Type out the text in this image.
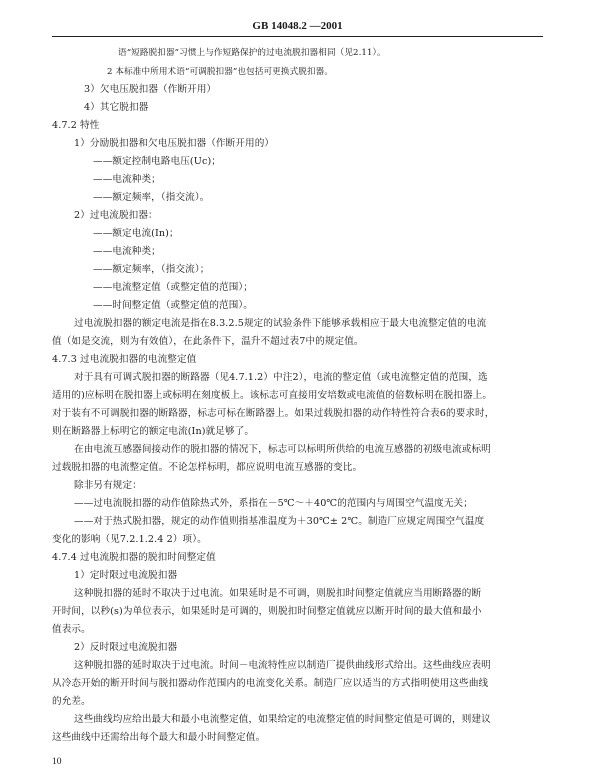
GB 14048.2 —2001
语“短路脱扣器”习惯上与作短路保护的过电流脱扣器相同（见2.11）。
2 本标准中所用术语“可调脱扣器”也包括可更换式脱扣器。
3）欠电压脱扣器（作断开用）
4）其它脱扣器
4.7.2 特性
1）分励脱扣器和欠电压脱扣器（作断开用的）
——额定控制电路电压(Uc)；
——电流种类；
——额定频率，（指交流）。
2）过电流脱扣器：
——额定电流(In)；
——电流种类；
——额定频率，（指交流）；
——电流整定值（或整定值的范围）；
——时间整定值（或整定值的范围）。
过电流脱扣器的额定电流是指在8.3.2.5规定的试验条件下能够承载相应于最大电流整定值的电流
值（如是交流，则为有效值），在此条件下，温升不超过表7中的规定值。
4.7.3 过电流脱扣器的电流整定值
对于具有可调式脱扣器的断路器（见4.7.1.2）中注2），电流的整定值（或电流整定值的范围，选
适用的)应标明在脱扣器上或标明在刻度板上。该标志可直接用安培数或电流值的倍数标明在脱扣器上。
对于装有不可调脱扣器的断路器，标志可标在断路器上。如果过载脱扣器的动作特性符合表6的要求时，
则在断路器上标明它的额定电流(In)就足够了。
在由电流互感器间接动作的脱扣器的情况下，标志可以标明所供给的电流互感器的初级电流或标明
过载脱扣器的电流整定值。不论怎样标明，都应说明电流互感器的变比。
除非另有规定：
——过电流脱扣器的动作值除热式外，系指在－5℃～＋40℃的范围内与周围空气温度无关；
——对于热式脱扣器，规定的动作值则指基准温度为＋30℃± 2℃。制造厂应规定周围空气温度
变化的影响（见7.2.1.2.4 2）项）。
4.7.4 过电流脱扣器的脱扣时间整定值
1）定时限过电流脱扣器
这种脱扣器的延时不取决于过电流。如果延时是不可调，则脱扣时间整定值就应当用断路器的断
开时间，以秒(s)为单位表示，如果延时是可调的，则脱扣时间整定值就应以断开时间的最大值和最小
值表示。
2）反时限过电流脱扣器
这种脱扣器的延时取决于过电流。时间－电流特性应以制造厂提供曲线形式给出。这些曲线应表明
从冷态开始的断开时间与脱扣器动作范围内的电流变化关系。制造厂应以适当的方式指明使用这些曲线
的允差。
这些曲线均应给出最大和最小电流整定值，如果给定的电流整定值的时间整定值是可调的，则建议
这些曲线中还需给出每个最大和最小时间整定值。
10
